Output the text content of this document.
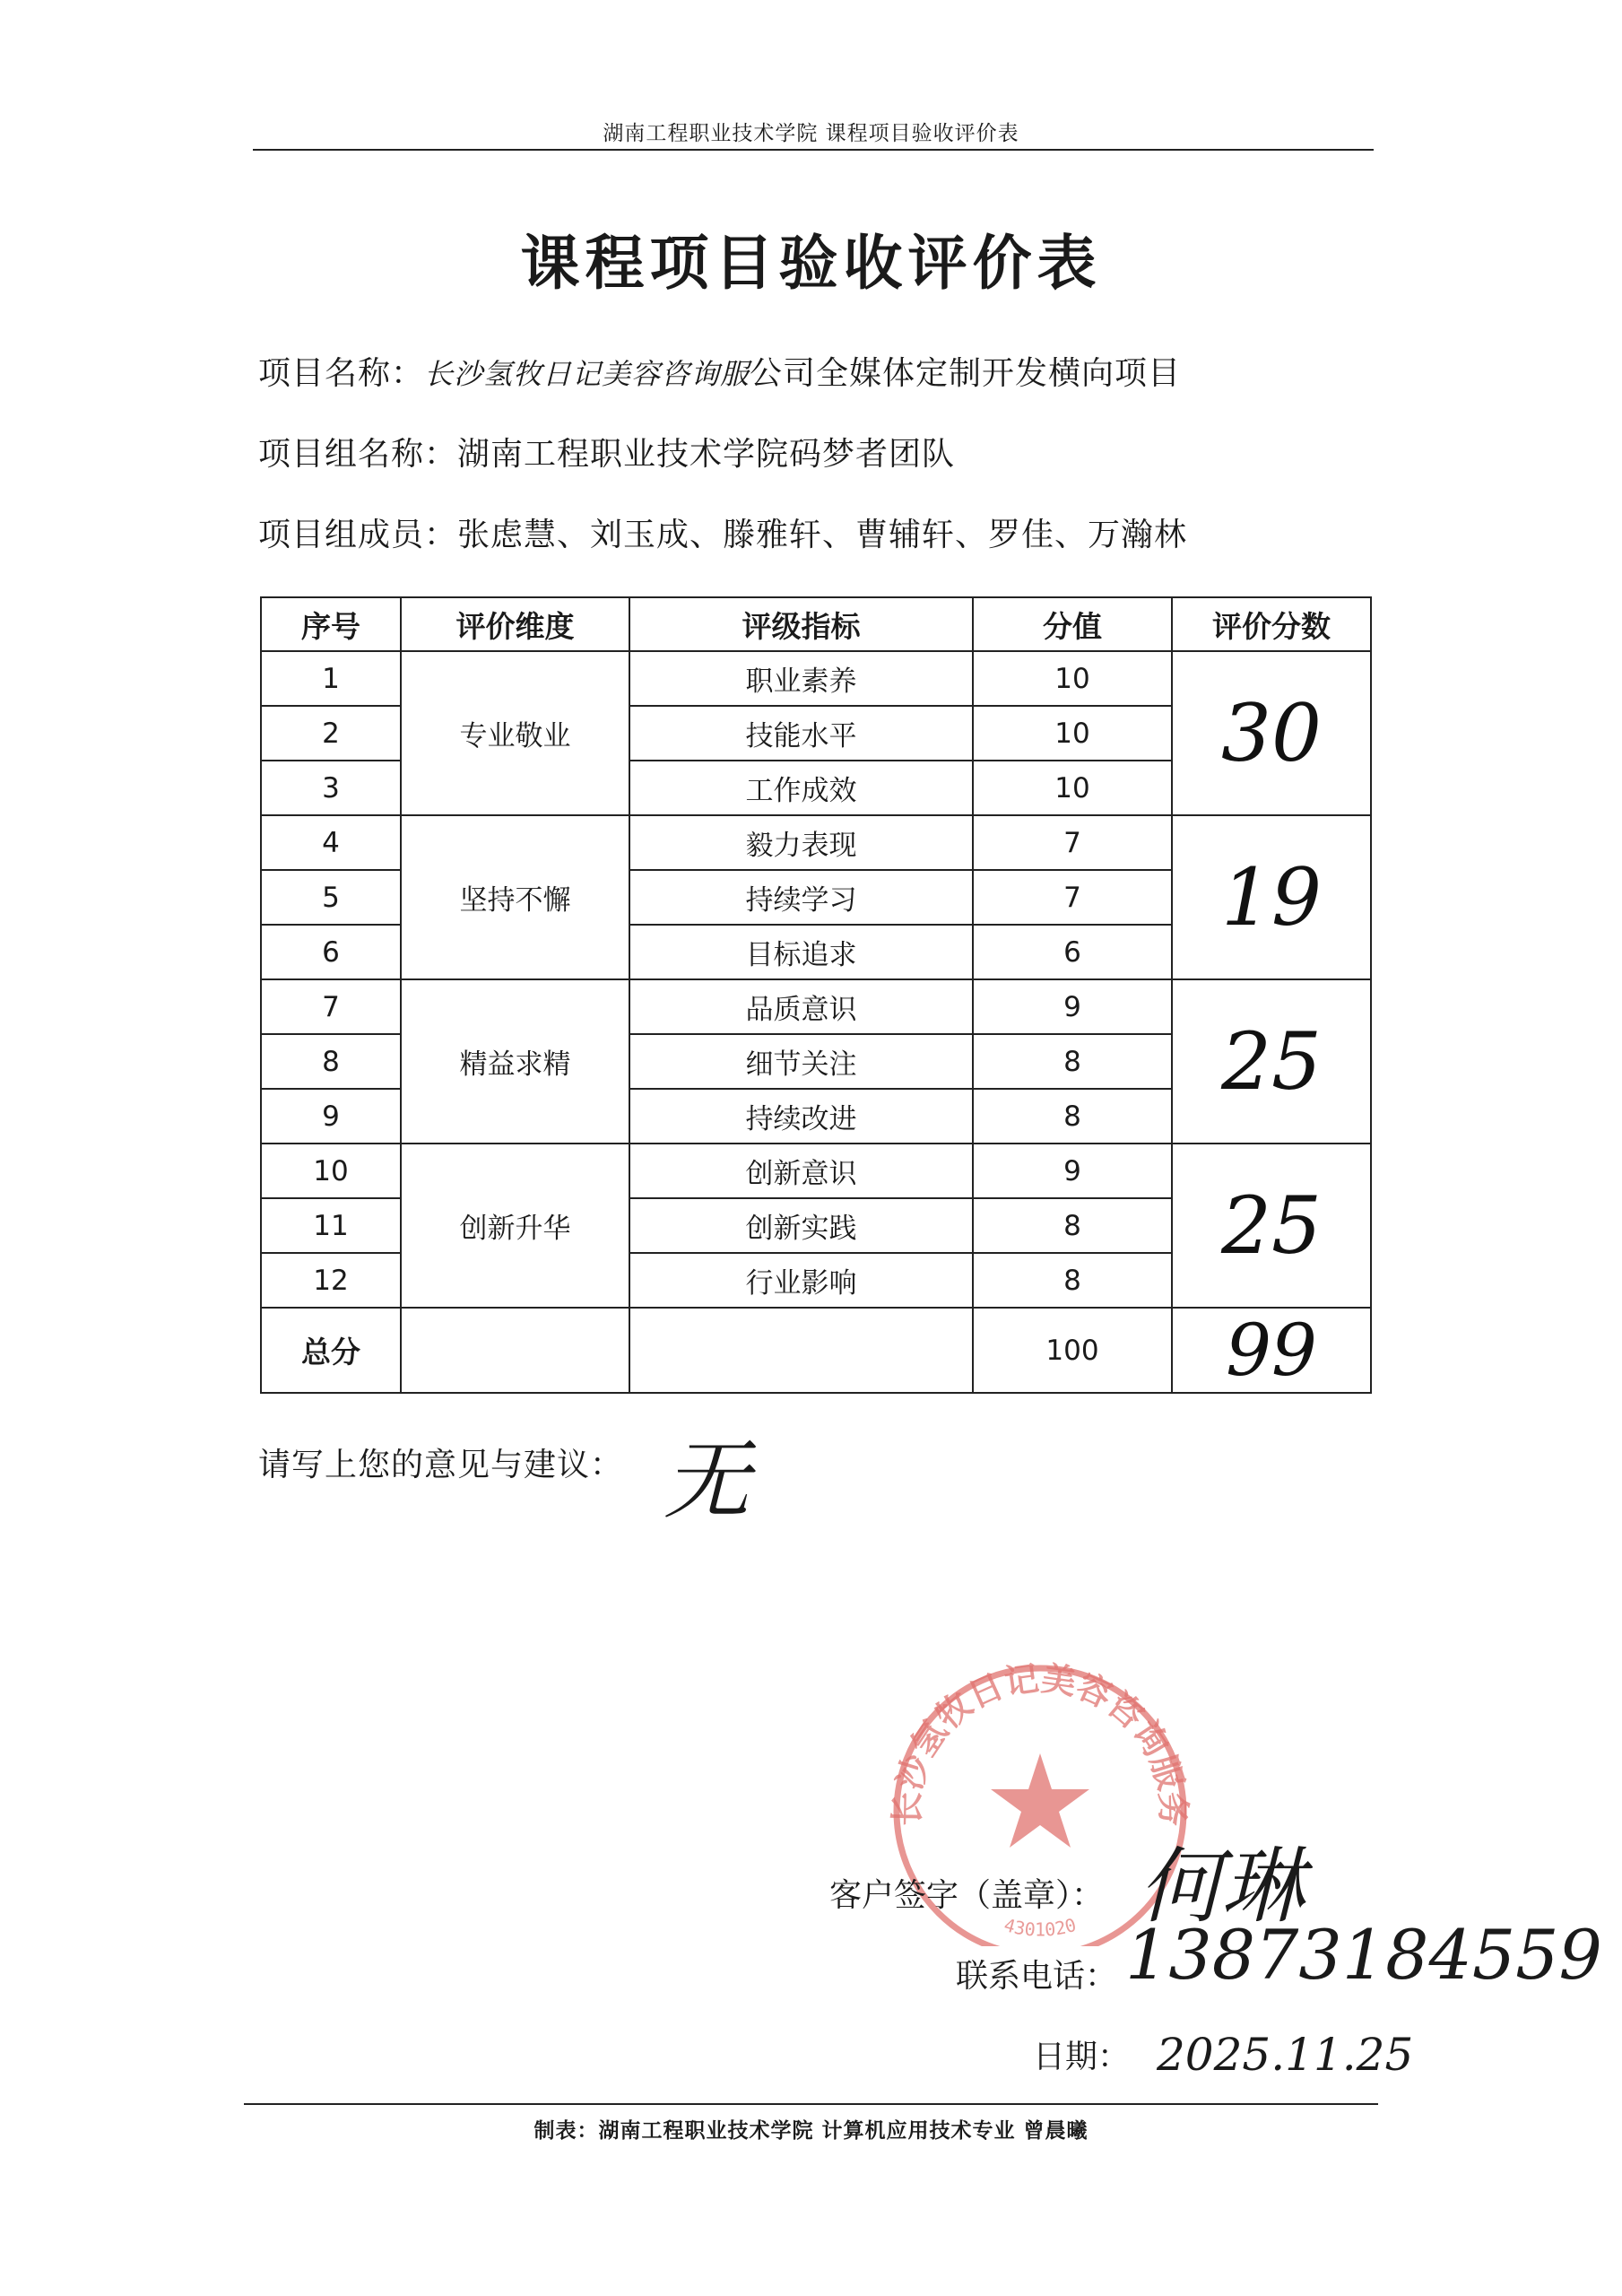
湖南工程职业技术学院 课程项目验收评价表
课程项目验收评价表
项目名称：长沙氢牧日记美容咨询服公司全媒体定制开发横向项目
项目组名称：湖南工程职业技术学院码梦者团队
项目组成员：张虑慧、刘玉成、滕雅轩、曹辅轩、罗佳、万瀚林
序号	评价维度	评级指标	分值	评价分数
1	专业敬业	职业素养	10	30
2		技能水平	10	
3		工作成效	10	
4	坚持不懈	毅力表现	7	19
5		持续学习	7	
6		目标追求	6	
7	精益求精	品质意识	9	25
8		细节关注	8	
9		持续改进	8	
10	创新升华	创新意识	9	25
11		创新实践	8	
12		行业影响	8	
总分			100	99
请写上您的意见与建议： 无
长沙氢牧日记美容咨询服务
4301020
客户签字（盖章）： 何琳
联系电话： 13873184559
日期： 2025.11.25
制表：湖南工程职业技术学院 计算机应用技术专业 曾晨曦
